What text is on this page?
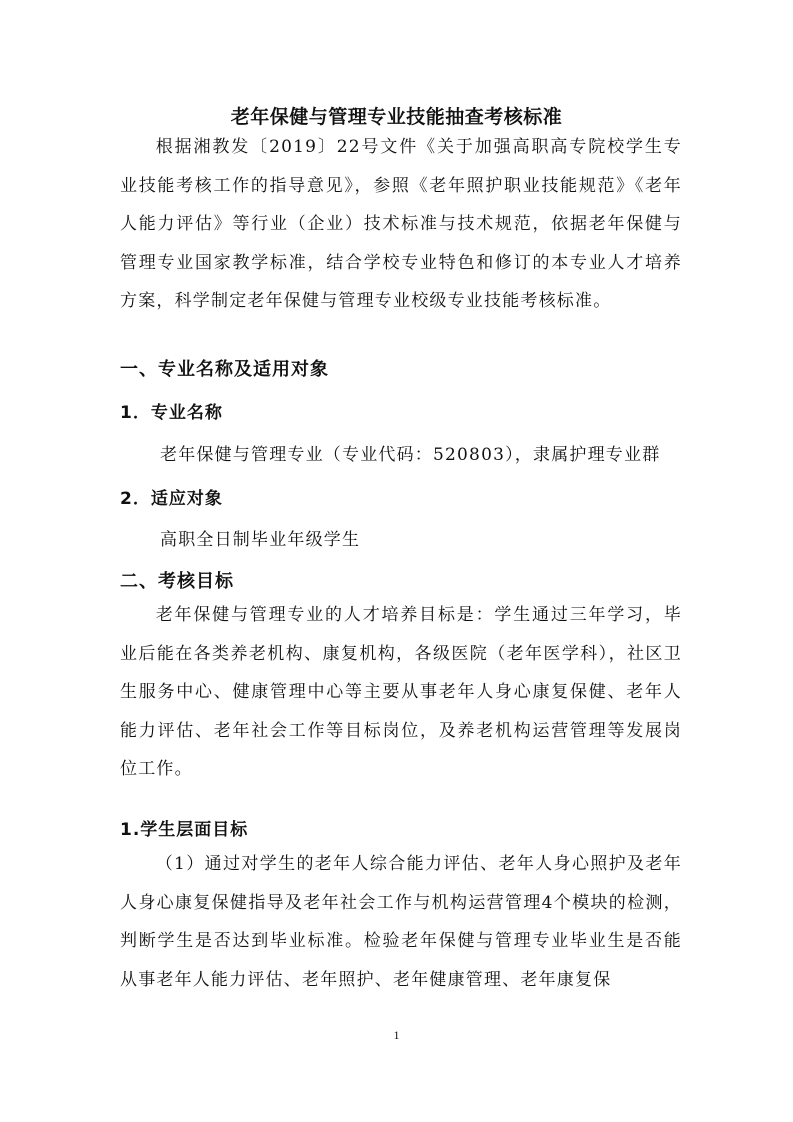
老年保健与管理专业技能抽查考核标准

根据湘教发〔2019〕22号文件《关于加强高职高专院校学生专业技能考核工作的指导意见》，参照《老年照护职业技能规范》《老年人能力评估》等行业（企业）技术标准与技术规范，依据老年保健与管理专业国家教学标准，结合学校专业特色和修订的本专业人才培养方案，科学制定老年保健与管理专业校级专业技能考核标准。

一、专业名称及适用对象
1．专业名称

老年保健与管理专业（专业代码：520803），隶属护理专业群

2．适应对象

高职全日制毕业年级学生

二、考核目标

老年保健与管理专业的人才培养目标是：学生通过三年学习，毕业后能在各类养老机构、康复机构，各级医院（老年医学科），社区卫生服务中心、健康管理中心等主要从事老年人身心康复保健、老年人能力评估、老年社会工作等目标岗位，及养老机构运营管理等发展岗位工作。

1.学生层面目标

（1）通过对学生的老年人综合能力评估、老年人身心照护及老年人身心康复保健指导及老年社会工作与机构运营管理4个模块的检测，判断学生是否达到毕业标准。检验老年保健与管理专业毕业生是否能从事老年人能力评估、老年照护、老年健康管理、老年康复保

1
